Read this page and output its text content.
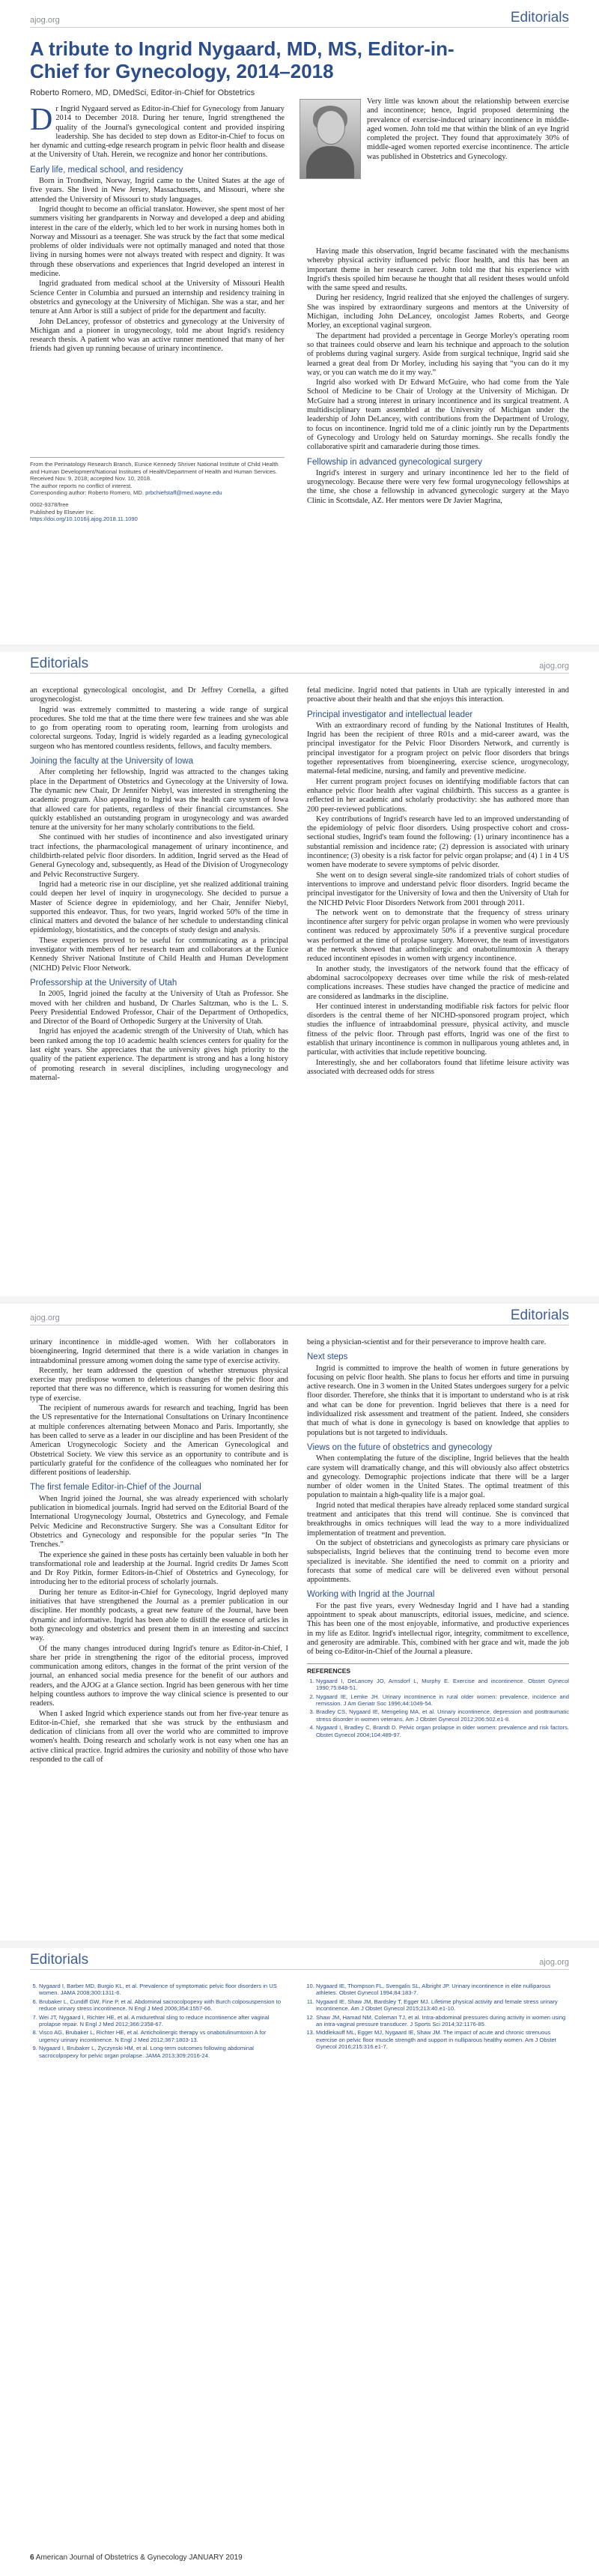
ajog.org	Editorials
A tribute to Ingrid Nygaard, MD, MS, Editor-in-Chief for Gynecology, 2014–2018
Roberto Romero, MD, DMedSci, Editor-in-Chief for Obstetrics

Dr Ingrid Nygaard served as Editor-in-Chief for Gynecology from January 2014 to December 2018. During her tenure, Ingrid strengthened the quality of the Journal's gynecological content and provided inspiring leadership. She has decided to step down as Editor-in-Chief to focus on her dynamic and cutting-edge research program in pelvic floor health and disease at the University of Utah. Herein, we recognize and honor her contributions.

Early life, medical school, and residency

Born in Trondheim, Norway, Ingrid came to the United States at the age of five years. She lived in New Jersey, Massachusetts, and Missouri, where she attended the University of Missouri to study languages.

Ingrid thought to become an official translator. However, she spent most of her summers visiting her grandparents in Norway and developed a deep and abiding interest in the care of the elderly, which led to her work in nursing homes both in Norway and Missouri as a teenager. She was struck by the fact that some medical problems of older individuals were not optimally managed and noted that those living in nursing homes were not always treated with respect and dignity. It was through these observations and experiences that Ingrid developed an interest in medicine.

Ingrid graduated from medical school at the University of Missouri Health Science Center in Columbia and pursued an internship and residency training in obstetrics and gynecology at the University of Michigan. She was a star, and her tenure at Ann Arbor is still a subject of pride for the department and faculty.

John DeLancey, professor of obstetrics and gynecology at the University of Michigan and a pioneer in urogynecology, told me about Ingrid's residency research thesis. A patient who was an active runner mentioned that many of her friends had given up running because of urinary incontinence.

Very little was known about the relationship between exercise and incontinence; hence, Ingrid proposed determining the prevalence of exercise-induced urinary incontinence in middle-aged women. John told me that within the blink of an eye Ingrid completed the project. They found that approximately 30% of middle-aged women reported exercise incontinence. The article was published in Obstetrics and Gynecology.

Having made this observation, Ingrid became fascinated with the mechanisms whereby physical activity influenced pelvic floor health, and this has been an important theme in her research career. John told me that his experience with Ingrid's thesis spoiled him because he thought that all resident theses would unfold with the same speed and results.

During her residency, Ingrid realized that she enjoyed the challenges of surgery. She was inspired by extraordinary surgeons and mentors at the University of Michigan, including John DeLancey, oncologist James Roberts, and George Morley, an exceptional vaginal surgeon.

The department had provided a percentage in George Morley's operating room so that trainees could observe and learn his technique and approach to the solution of problems during vaginal surgery. Aside from surgical technique, Ingrid said she learned a great deal from Dr Morley, including his saying that “you can do it my way, or you can watch me do it my way.”

Ingrid also worked with Dr Edward McGuire, who had come from the Yale School of Medicine to be Chair of Urology at the University of Michigan. Dr McGuire had a strong interest in urinary incontinence and its surgical treatment. A multidisciplinary team assembled at the University of Michigan under the leadership of John DeLancey, with contributions from the Department of Urology, to focus on incontinence. Ingrid told me of a clinic jointly run by the Departments of Gynecology and Urology held on Saturday mornings. She recalls fondly the collaborative spirit and camaraderie during those times.

Fellowship in advanced gynecological surgery

Ingrid's interest in surgery and urinary incontinence led her to the field of urogynecology. Because there were very few formal urogynecology fellowships at the time, she chose a fellowship in advanced gynecologic surgery at the Mayo Clinic in Scottsdale, AZ. Her mentors were Dr Javier Magrina,

From the Perinatology Research Branch, Eunice Kennedy Shriver National Institute of Child Health and Human Development/National Institutes of Health/Department of Health and Human Services.
Received Nov. 9, 2018; accepted Nov. 10, 2018.
The author reports no conflict of interest.
Corresponding author: Roberto Romero, MD. prbchiefstaff@med.wayne.edu
0002-9378/free
Published by Elsevier Inc.
https://doi.org/10.1016/j.ajog.2018.11.1090
Editorials	ajog.org

an exceptional gynecological oncologist, and Dr Jeffrey Cornella, a gifted urogynecologist.

Ingrid was extremely committed to mastering a wide range of surgical procedures. She told me that at the time there were few trainees and she was able to go from operating room to operating room, learning from urologists and colorectal surgeons. Today, Ingrid is widely regarded as a leading gynecological surgeon who has mentored countless residents, fellows, and faculty members.

Joining the faculty at the University of Iowa

After completing her fellowship, Ingrid was attracted to the changes taking place in the Department of Obstetrics and Gynecology at the University of Iowa. The dynamic new Chair, Dr Jennifer Niebyl, was interested in strengthening the academic program. Also appealing to Ingrid was the health care system of Iowa that allowed care for patients, regardless of their financial circumstances. She quickly established an outstanding program in urogynecology and was awarded tenure at the university for her many scholarly contributions to the field.

She continued with her studies of incontinence and also investigated urinary tract infections, the pharmacological management of urinary incontinence, and childbirth-related pelvic floor disorders. In addition, Ingrid served as the Head of General Gynecology and, subsequently, as Head of the Division of Urogynecology and Pelvic Reconstructive Surgery.

Ingrid had a meteoric rise in our discipline, yet she realized additional training could deepen her level of inquiry in urogynecology. She decided to pursue a Master of Science degree in epidemiology, and her Chair, Jennifer Niebyl, supported this endeavor. Thus, for two years, Ingrid worked 50% of the time in clinical matters and devoted the balance of her schedule to understanding clinical epidemiology, biostatistics, and the concepts of study design and analysis.

These experiences proved to be useful for communicating as a principal investigator with members of her research team and collaborators at the Eunice Kennedy Shriver National Institute of Child Health and Human Development (NICHD) Pelvic Floor Network.

Professorship at the University of Utah

In 2005, Ingrid joined the faculty at the University of Utah as Professor. She moved with her children and husband, Dr Charles Saltzman, who is the L. S. Peery Presidential Endowed Professor, Chair of the Department of Orthopedics, and Director of the Board of Orthopedic Surgery at the University of Utah.

Ingrid has enjoyed the academic strength of the University of Utah, which has been ranked among the top 10 academic health sciences centers for quality for the last eight years. She appreciates that the university gives high priority to the quality of the patient experience. The department is strong and has a long history of promoting research in several disciplines, including urogynecology and maternal-

fetal medicine. Ingrid noted that patients in Utah are typically interested in and proactive about their health and that she enjoys this interaction.

Principal investigator and intellectual leader

With an extraordinary record of funding by the National Institutes of Health, Ingrid has been the recipient of three R01s and a mid-career award, was the principal investigator for the Pelvic Floor Disorders Network, and currently is principal investigator for a program project on pelvic floor disorders that brings together representatives from bioengineering, exercise science, urogynecology, maternal-fetal medicine, nursing, and family and preventive medicine.

Her current program project focuses on identifying modifiable factors that can enhance pelvic floor health after vaginal childbirth. This success as a grantee is reflected in her academic and scholarly productivity: she has authored more than 200 peer-reviewed publications.

Key contributions of Ingrid's research have led to an improved understanding of the epidemiology of pelvic floor disorders. Using prospective cohort and cross-sectional studies, Ingrid's team found the following: (1) urinary incontinence has a substantial remission and incidence rate; (2) depression is associated with urinary incontinence; (3) obesity is a risk factor for pelvic organ prolapse; and (4) 1 in 4 US women have moderate to severe symptoms of pelvic disorder.

She went on to design several single-site randomized trials of cohort studies of interventions to improve and understand pelvic floor disorders. Ingrid became the principal investigator for the University of Iowa and then the University of Utah for the NICHD Pelvic Floor Disorders Network from 2001 through 2011.

The network went on to demonstrate that the frequency of stress urinary incontinence after surgery for pelvic organ prolapse in women who were previously continent was reduced by approximately 50% if a preventive surgical procedure was performed at the time of prolapse surgery. Moreover, the team of investigators at the network showed that anticholinergic and onabotulinumtoxin A therapy reduced incontinent episodes in women with urgency incontinence.

In another study, the investigators of the network found that the efficacy of abdominal sacrocolpopexy decreases over time while the risk of mesh-related complications increases. These studies have changed the practice of medicine and are considered as landmarks in the discipline.

Her continued interest in understanding modifiable risk factors for pelvic floor disorders is the central theme of her NICHD-sponsored program project, which studies the influence of intraabdominal pressure, physical activity, and muscle fitness of the pelvic floor. Through past efforts, Ingrid was one of the first to establish that urinary incontinence is common in nulliparous young athletes and, in particular, with activities that include repetitive bouncing.

Interestingly, she and her collaborators found that lifetime leisure activity was associated with decreased odds for stress

ajog.org	Editorials

urinary incontinence in middle-aged women. With her collaborators in bioengineering, Ingrid determined that there is a wide variation in changes in intraabdominal pressure among women doing the same type of exercise activity.

Recently, her team addressed the question of whether strenuous physical exercise may predispose women to deleterious changes of the pelvic floor and reported that there was no difference, which is reassuring for women desiring this type of exercise.

The recipient of numerous awards for research and teaching, Ingrid has been the US representative for the International Consultations on Urinary Incontinence at multiple conferences alternating between Monaco and Paris. Importantly, she has been called to serve as a leader in our discipline and has been President of the American Urogynecologic Society and the American Gynecological and Obstetrical Society. We view this service as an opportunity to contribute and is particularly grateful for the confidence of the colleagues who nominated her for different positions of leadership.

The first female Editor-in-Chief of the Journal

When Ingrid joined the Journal, she was already experienced with scholarly publication in biomedical journals. Ingrid had served on the Editorial Board of the International Urogynecology Journal, Obstetrics and Gynecology, and Female Pelvic Medicine and Reconstructive Surgery. She was a Consultant Editor for Obstetrics and Gynecology and responsible for the popular series “In The Trenches.”

The experience she gained in these posts has certainly been valuable in both her transformational role and leadership at the Journal. Ingrid credits Dr James Scott and Dr Roy Pitkin, former Editors-in-Chief of Obstetrics and Gynecology, for introducing her to the editorial process of scholarly journals.

During her tenure as Editor-in-Chief for Gynecology, Ingrid deployed many initiatives that have strengthened the Journal as a premier publication in our discipline. Her monthly podcasts, a great new feature of the Journal, have been dynamic and informative. Ingrid has been able to distill the essence of articles in both gynecology and obstetrics and present them in an interesting and succinct way.

Of the many changes introduced during Ingrid's tenure as Editor-in-Chief, I share her pride in strengthening the rigor of the editorial process, improved communication among editors, changes in the format of the print version of the journal, an enhanced social media presence for the benefit of our authors and readers, and the AJOG at a Glance section. Ingrid has been generous with her time helping countless authors to improve the way clinical science is presented to our readers.

When I asked Ingrid which experience stands out from her five-year tenure as Editor-in-Chief, she remarked that she was struck by the enthusiasm and dedication of clinicians from all over the world who are committed to improve women's health. Doing research and scholarly work is not easy when one has an active clinical practice. Ingrid admires the curiosity and nobility of those who have responded to the call of

being a physician-scientist and for their perseverance to improve health care.

Next steps

Ingrid is committed to improve the health of women in future generations by focusing on pelvic floor health. She plans to focus her efforts and time in pursuing active research. One in 3 women in the United States undergoes surgery for a pelvic floor disorder. Therefore, she thinks that it is important to understand who is at risk and what can be done for prevention. Ingrid believes that there is a need for individualized risk assessment and treatment of the patient. Indeed, she considers that much of what is done in gynecology is based on knowledge that applies to populations but is not targeted to individuals.

Views on the future of obstetrics and gynecology

When contemplating the future of the discipline, Ingrid believes that the health care system will dramatically change, and this will obviously also affect obstetrics and gynecology. Demographic projections indicate that there will be a larger number of older women in the United States. The optimal treatment of this population to maintain a high-quality life is a major goal.

Ingrid noted that medical therapies have already replaced some standard surgical treatment and anticipates that this trend will continue. She is convinced that breakthroughs in omics techniques will lead the way to a more individualized implementation of treatment and prevention.

On the subject of obstetricians and gynecologists as primary care physicians or subspecialists, Ingrid believes that the continuing trend to become even more specialized is inevitable. She identified the need to commit on a priority and forecasts that some of medical care will be delivered even without personal appointments.

Working with Ingrid at the Journal

For the past five years, every Wednesday Ingrid and I have had a standing appointment to speak about manuscripts, editorial issues, medicine, and science. This has been one of the most enjoyable, informative, and productive experiences in my life as Editor. Ingrid's intellectual rigor, integrity, commitment to excellence, and generosity are admirable. This, combined with her grace and wit, made the job of being co-Editor-in-Chief of the Journal a pleasure.

REFERENCES
1. Nygaard I, DeLancey JO, Arnsdorf L, Murphy E. Exercise and incontinence. Obstet Gynecol 1990;75:848-51.
2. Nygaard IE, Lemke JH. Urinary incontinence in rural older women: prevalence, incidence and remission. J Am Geriatr Soc 1996;44:1049-54.
3. Bradley CS, Nygaard IE, Mengeling MA, et al. Urinary incontinence, depression and posttraumatic stress disorder in women veterans. Am J Obstet Gynecol 2012;206:502.e1-8.
4. Nygaard I, Bradley C, Brandt D. Pelvic organ prolapse in older women: prevalence and risk factors. Obstet Gynecol 2004;104:489-97.
Editorials	ajog.org
5. Nygaard I, Barber MD, Burgio KL, et al. Prevalence of symptomatic pelvic floor disorders in US women. JAMA 2008;300:1311-6.
6. Brubaker L, Cundiff GW, Fine P, et al. Abdominal sacrocolpopexy with Burch colposuspension to reduce urinary stress incontinence. N Engl J Med 2006;354:1557-66.
7. Wei JT, Nygaard I, Richter HE, et al. A midurethral sling to reduce incontinence after vaginal prolapse repair. N Engl J Med 2012;366:2358-67.
8. Visco AG, Brubaker L, Richter HE, et al. Anticholinergic therapy vs onabotulinumtoxin A for urgency urinary incontinence. N Engl J Med 2012;367:1803-13.
9. Nygaard I, Brubaker L, Zyczynski HM, et al. Long-term outcomes following abdominal sacrocolpopexy for pelvic organ prolapse. JAMA 2013;309:2016-24.
10. Nygaard IE, Thompson FL, Svengalis SL, Albright JP. Urinary incontinence in elite nulliparous athletes. Obstet Gynecol 1994;84:183-7.
11. Nygaard IE, Shaw JM, Bardsley T, Egger MJ. Lifetime physical activity and female stress urinary incontinence. Am J Obstet Gynecol 2015;213:40.e1-10.
12. Shaw JM, Hamad NM, Coleman TJ, et al. Intra-abdominal pressures during activity in women using an intra-vaginal pressure transducer. J Sports Sci 2014;32:1176-85.
13. Middlekauff ML, Egger MJ, Nygaard IE, Shaw JM. The impact of acute and chronic strenuous exercise on pelvic floor muscle strength and support in nulliparous healthy women. Am J Obstet Gynecol 2016;215:316.e1-7.
6 American Journal of Obstetrics & Gynecology JANUARY 2019
